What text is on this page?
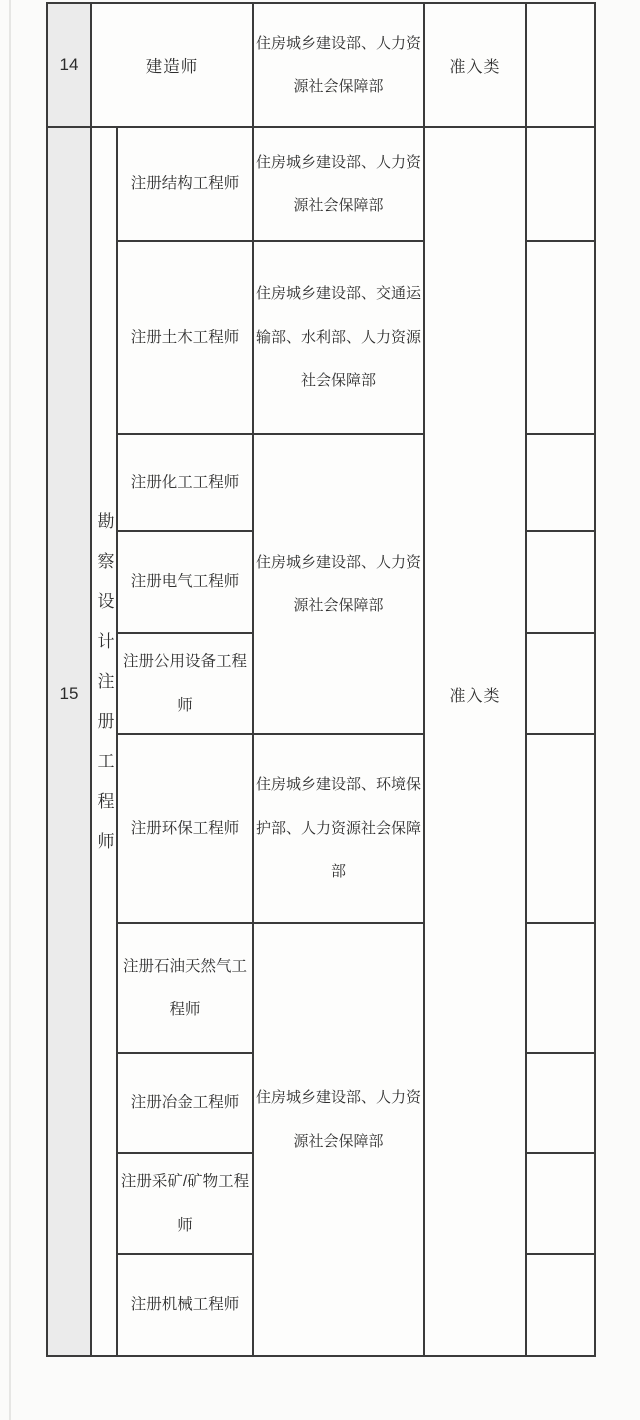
14	建造师		住房城乡建设部、人力资源社会保障部	准入类	
15	勘察设计注册工程师	注册结构工程师	住房城乡建设部、人力资源社会保障部	准入类	
		注册土木工程师	住房城乡建设部、交通运输部、水利部、人力资源社会保障部		
		注册化工工程师	住房城乡建设部、人力资源社会保障部		
		注册电气工程师			
		注册公用设备工程师			
		注册环保工程师	住房城乡建设部、环境保护部、人力资源社会保障部		
		注册石油天然气工程师	住房城乡建设部、人力资源社会保障部		
		注册冶金工程师			
		注册采矿/矿物工程师			
		注册机械工程师			
